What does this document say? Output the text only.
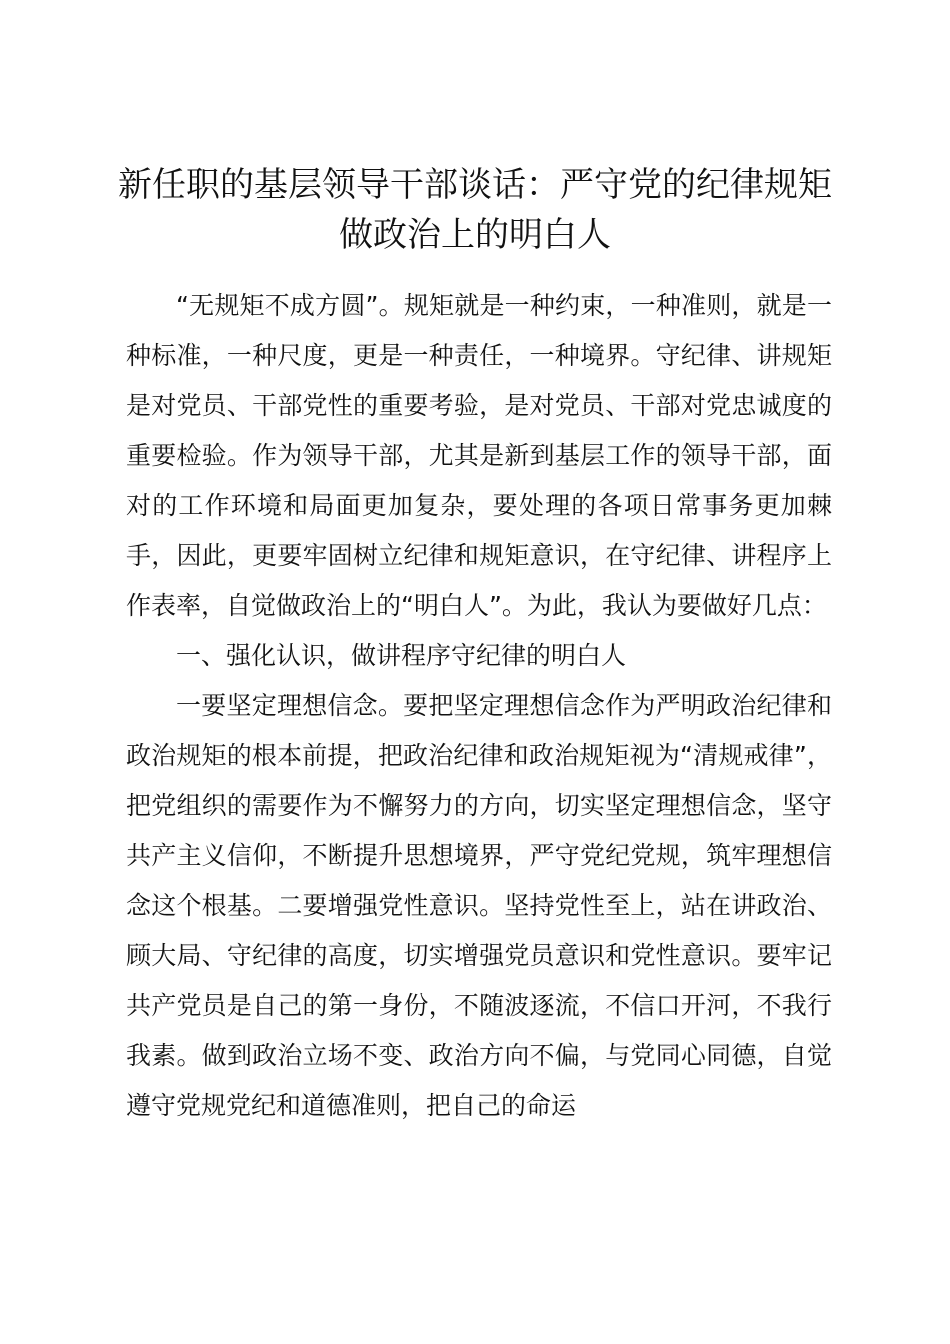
新任职的基层领导干部谈话：严守党的纪律规矩做政治上的明白人

“无规矩不成方圆”。规矩就是一种约束，一种准则，就是一种标准，一种尺度，更是一种责任，一种境界。守纪律、讲规矩是对党员、干部党性的重要考验，是对党员、干部对党忠诚度的重要检验。作为领导干部，尤其是新到基层工作的领导干部，面对的工作环境和局面更加复杂，要处理的各项日常事务更加棘手，因此，更要牢固树立纪律和规矩意识，在守纪律、讲程序上作表率，自觉做政治上的“明白人”。为此，我认为要做好几点：

一、强化认识，做讲程序守纪律的明白人

一要坚定理想信念。要把坚定理想信念作为严明政治纪律和政治规矩的根本前提，把政治纪律和政治规矩视为“清规戒律”，把党组织的需要作为不懈努力的方向，切实坚定理想信念，坚守共产主义信仰，不断提升思想境界，严守党纪党规，筑牢理想信念这个根基。二要增强党性意识。坚持党性至上，站在讲政治、顾大局、守纪律的高度，切实增强党员意识和党性意识。要牢记共产党员是自己的第一身份，不随波逐流，不信口开河，不我行我素。做到政治立场不变、政治方向不偏，与党同心同德，自觉遵守党规党纪和道德准则，把自己的命运
